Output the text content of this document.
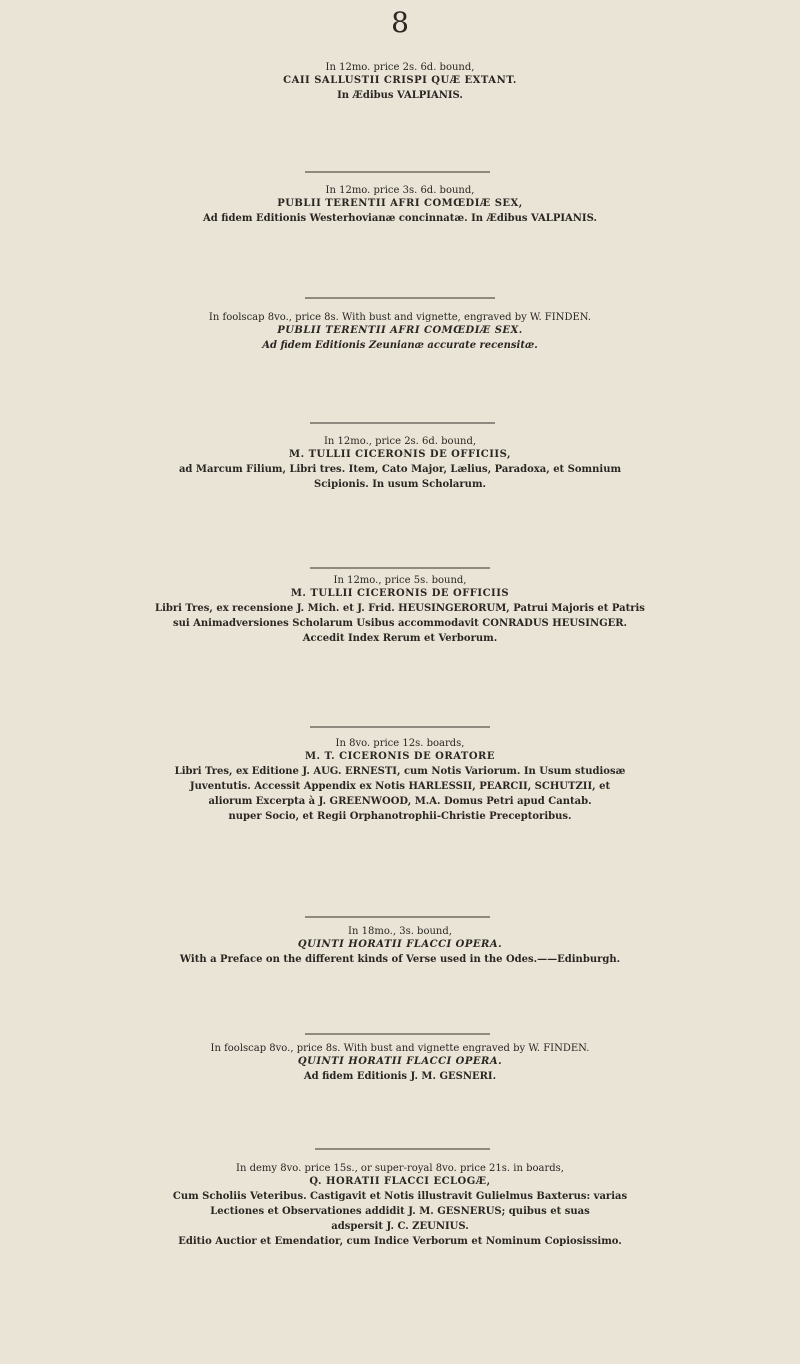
8

In 12mo. price 2s. 6d. bound,

CAII SALLUSTII CRISPI QUÆ EXTANT.

In Ædibus VALPIANIS.

In 12mo. price 3s. 6d. bound,

PUBLII TERENTII AFRI COMŒDIÆ SEX,

Ad fidem Editionis Westerhovianæ concinnatæ. In Ædibus VALPIANIS.

In foolscap 8vo., price 8s. With bust and vignette, engraved by W. FINDEN.

PUBLII TERENTII AFRI COMŒDIÆ SEX.

Ad fidem Editionis Zeunianæ accurate recensitæ.

In 12mo., price 2s. 6d. bound,

M. TULLII CICERONIS DE OFFICIIS,

ad Marcum Filium, Libri tres. Item, Cato Major, Lælius, Paradoxa, et Somnium

Scipionis. In usum Scholarum.

In 12mo., price 5s. bound,

M. TULLII CICERONIS DE OFFICIIS

Libri Tres, ex recensione J. Mich. et J. Frid. HEUSINGERORUM, Patrui Majoris et Patris

sui Animadversiones Scholarum Usibus accommodavit CONRADUS HEUSINGER.

Accedit Index Rerum et Verborum.

In 8vo. price 12s. boards,

M. T. CICERONIS DE ORATORE

Libri Tres, ex Editione J. AUG. ERNESTI, cum Notis Variorum. In Usum studiosæ

Juventutis. Accessit Appendix ex Notis HARLESSII, PEARCII, SCHUTZII, et

aliorum Excerpta à J. GREENWOOD, M.A. Domus Petri apud Cantab.

nuper Socio, et Regii Orphanotrophii-Christie Preceptoribus.

In 18mo., 3s. bound,

QUINTI HORATII FLACCI OPERA.

With a Preface on the different kinds of Verse used in the Odes.——Edinburgh.

In foolscap 8vo., price 8s. With bust and vignette engraved by W. FINDEN.

QUINTI HORATII FLACCI OPERA.

Ad fidem Editionis J. M. GESNERI.

In demy 8vo. price 15s., or super-royal 8vo. price 21s. in boards,

Q. HORATII FLACCI ECLOGÆ,

Cum Scholiis Veteribus. Castigavit et Notis illustravit Gulielmus Baxterus: varias

Lectiones et Observationes addidit J. M. GESNERUS; quibus et suas

adspersit J. C. ZEUNIUS.

Editio Auctior et Emendatior, cum Indice Verborum et Nominum Copiosissimo.
